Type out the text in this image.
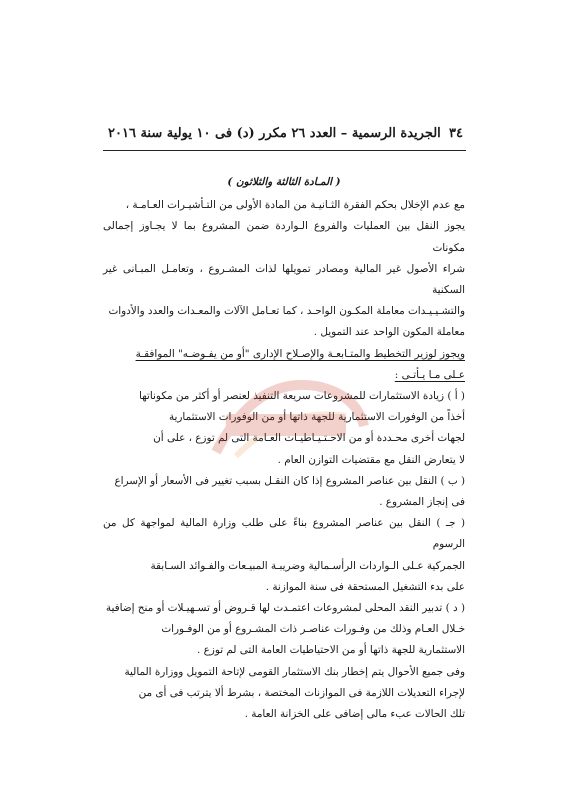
٣٤
الجريدة الرسمية – العدد ٢٦ مكرر (د) فى ١٠ يولية سنة ٢٠١٦

( المـادة الثالثة والثلاثون )

مع عدم الإخلال بحكم الفقرة الثـانيـة من المادة الأولى من التـأشيـرات العـامـة ،

يجوز النقل بين العمليات والفروع الـواردة ضمن المشروع بما لا يجـاوز إجمالى مكونات

شراء الأصول غير المالية ومصادر تمويلها لذات المشـروع ، وتعامـل المبـانى غير السكنية

والتشـيـيـدات معاملة المكـون الواحـد ، كما تعـامل الآلات والمعـدات والعدد والأدوات

معاملة المكون الواحد عند التمويل .

ويجوز لوزير التخطيط والمتـابعـة والإصـلاح الإدارى "أو من يفـوضـه" الموافقـة

عـلى مـا يـأتـى :

( أ ) زيادة الاستثمارات للمشروعات سريعة التنفيذ لعنصر أو أكثر من مكوناتها

أخذاً من الوفورات الاستثمارية للجهة ذاتها أو من الوفورات الاستثمارية

لجهات أخرى محـددة أو من الاحـتـيـاطيـات العـامة التى لم توزع ، على أن

لا يتعارض النقل مع مقتضيات التوازن العام .

( ب ) النقل بين عناصر المشروع إذا كان النقـل بسبب تغيير فى الأسعار أو الإسراع

فى إنجاز المشروع .

( جـ ) النقل بين عناصر المشروع بناءً على طلب وزارة المالية لمواجهة كل من الرسوم

الجمركية عـلى الـواردات الرأسـمالية وضريبـة المبيـعات والفـوائد السـابقة

على بدء التشغيل المستحقة فى سنة الموازنة .

( د ) تدبير النقد المحلى لمشروعات اعتمـدت لها قـروض أو تسـهيـلات أو منح إضافية

خـلال العـام وذلك من وفـورات عناصـر ذات المشـروع أو من الوفـورات

الاستثمارية للجهة ذاتها أو من الاحتياطيات العامة التى لم توزع .

وفى جميع الأحوال يتم إخطار بنك الاستثمار القومى لإتاحة التمويل ووزارة المالية

لإجراء التعديلات اللازمة فى الموازنات المختصة ، بشرط ألا يترتب فى أى من

تلك الحالات عبء مالى إضافى على الخزانة العامة .
